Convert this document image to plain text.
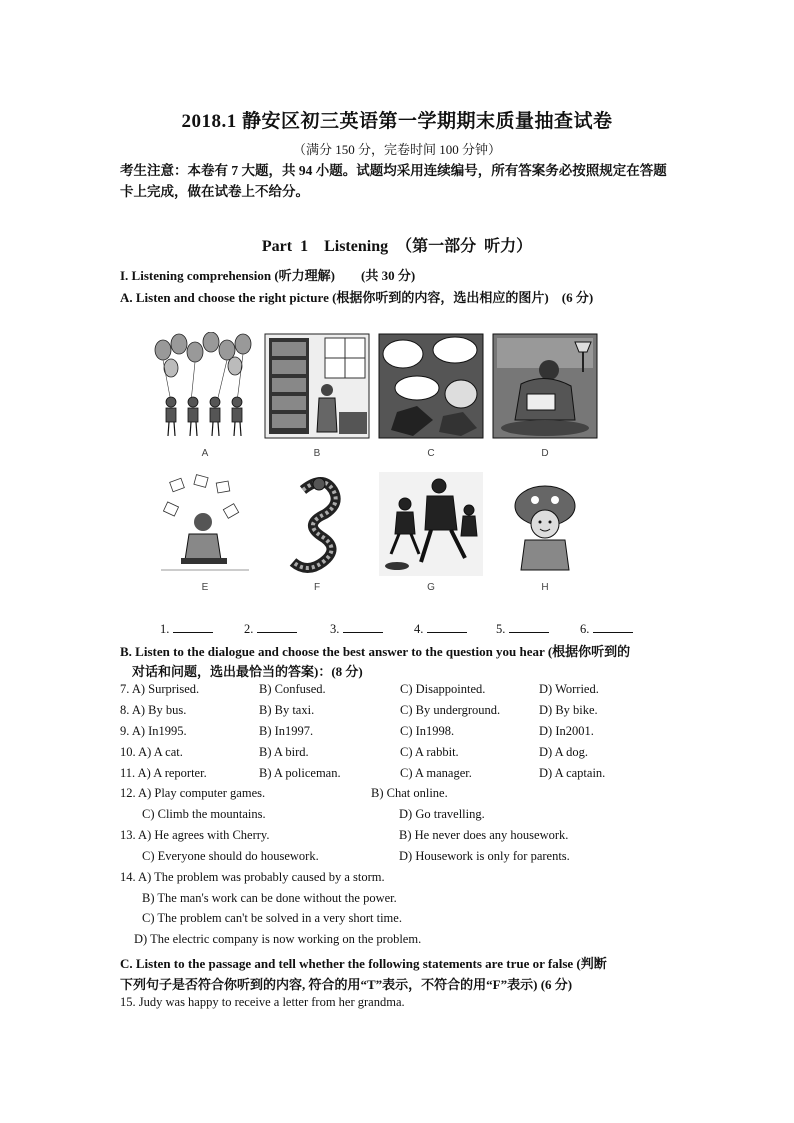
2018.1 静安区初三英语第一学期期末质量抽查试卷
（满分 150 分，完卷时间 100 分钟）
考生注意：本卷有 7 大题，共 94 小题。试题均采用连续编号，所有答案务必按照规定在答题卡上完成，做在试卷上不给分。
Part 1　Listening　（第一部分 听力）
I. Listening comprehension (听力理解)　　(共 30 分)
A. Listen and choose the right picture (根据你听到的内容，选出相应的图片)　(6 分)
A	B	C	D
E	F	G	H
1.	2.	3.	4.	5.	6.
B. Listen to the dialogue and choose the best answer to the question you hear (根据你听到的
对话和问题，选出最恰当的答案)：(8 分)
7. A) Surprised.	B) Confused.	C) Disappointed.	D) Worried.
8. A) By bus.	B) By taxi.	C) By underground.	D) By bike.
9. A) In1995.	B) In1997.	C) In1998.	D) In2001.
10. A) A cat.	B) A bird.	C) A rabbit.	D) A dog.
11. A) A reporter.	B) A policeman.	C) A manager.	D) A captain.
12. A) Play computer games.	B) Chat online.
C) Climb the mountains.	D) Go travelling.
13. A) He agrees with Cherry.	B) He never does any housework.
C) Everyone should do housework.	D) Housework is only for parents.
14. A) The problem was probably caused by a storm.
B) The man's work can be done without the power.
C) The problem can't be solved in a very short time.
D) The electric company is now working on the problem.
C. Listen to the passage and tell whether the following statements are true or false (判断
下列句子是否符合你听到的内容, 符合的用“T”表示，不符合的用“F”表示) (6 分)
15. Judy was happy to receive a letter from her grandma.
